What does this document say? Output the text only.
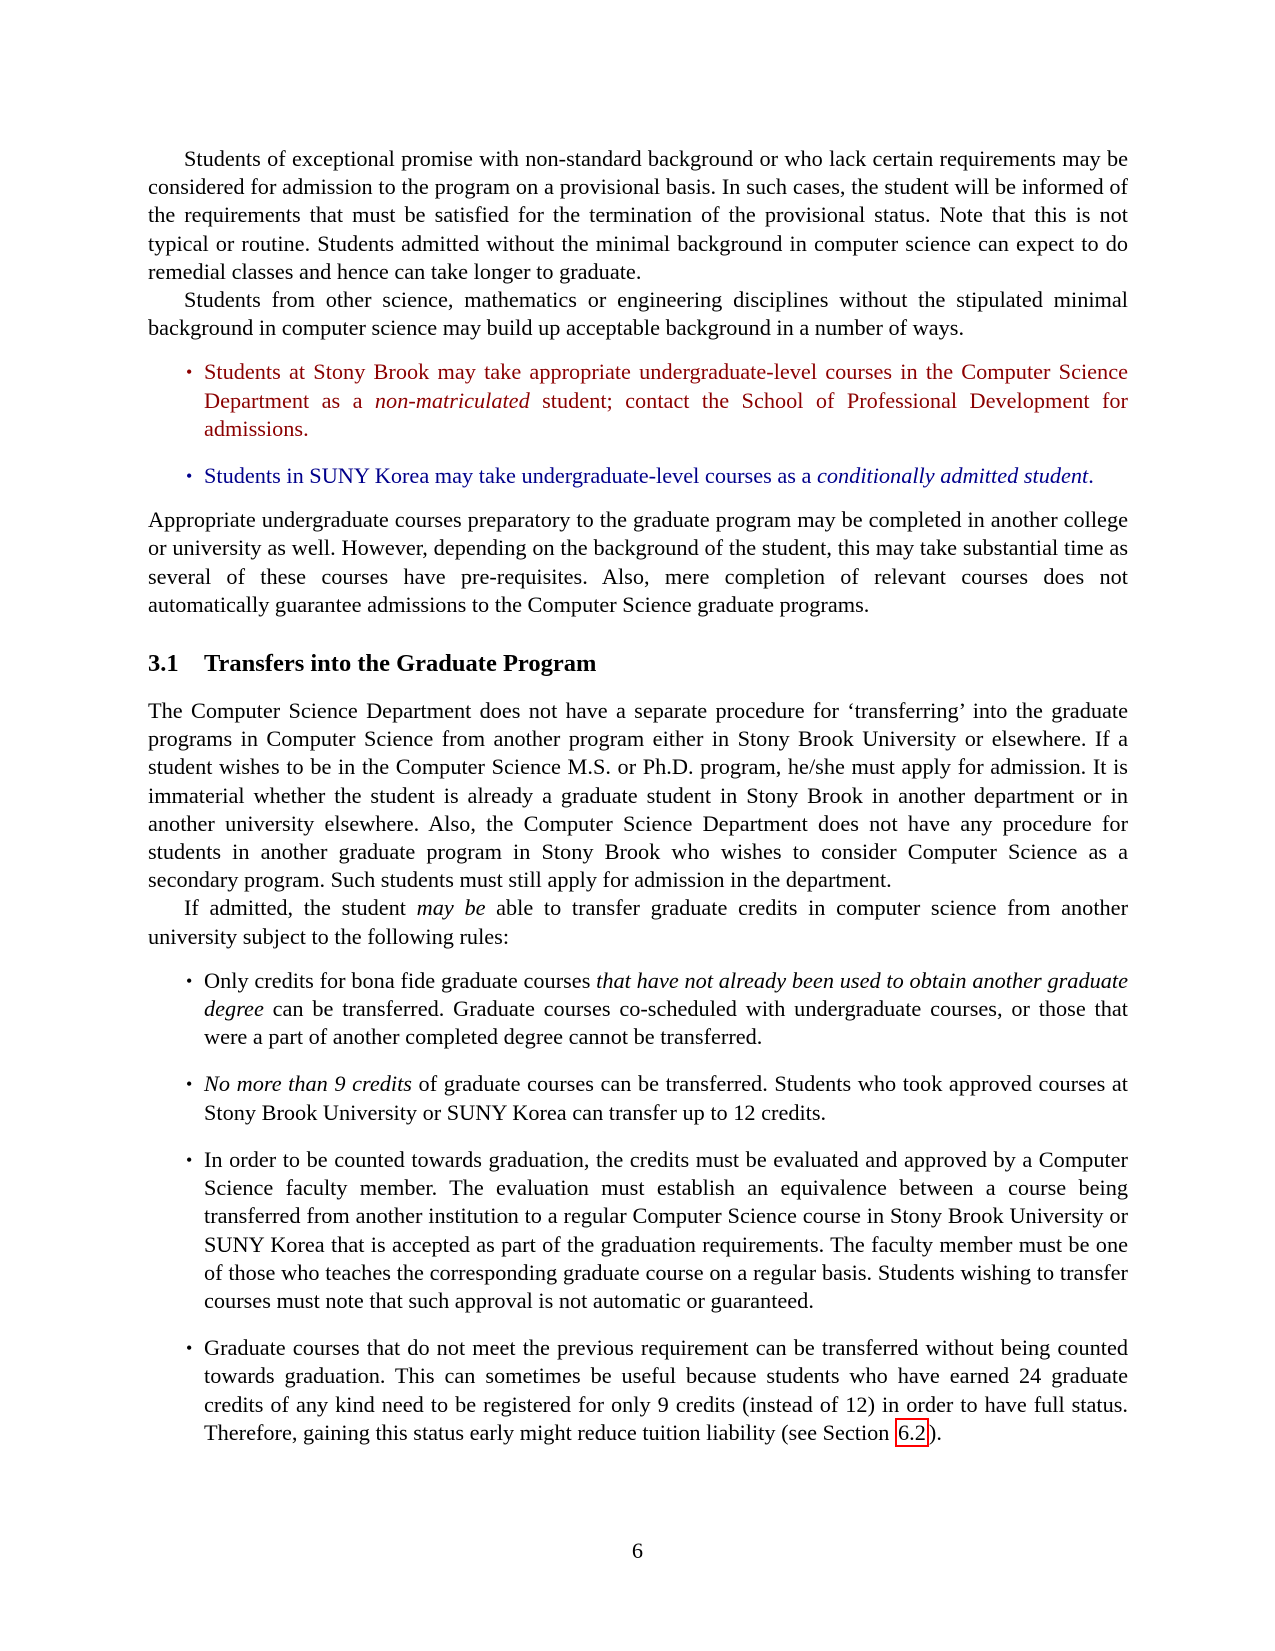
Students of exceptional promise with non-standard background or who lack certain requirements may be considered for admission to the program on a provisional basis. In such cases, the student will be informed of the requirements that must be satisfied for the termination of the provisional status. Note that this is not typical or routine. Students admitted without the minimal background in computer science can expect to do remedial classes and hence can take longer to graduate.

Students from other science, mathematics or engineering disciplines without the stipulated minimal background in computer science may build up acceptable background in a number of ways.

• Students at Stony Brook may take appropriate undergraduate-level courses in the Computer Science Department as a non-matriculated student; contact the School of Professional Development for admissions.
• Students in SUNY Korea may take undergraduate-level courses as a conditionally admitted student.

Appropriate undergraduate courses preparatory to the graduate program may be completed in another college or university as well. However, depending on the background of the student, this may take substantial time as several of these courses have pre-requisites. Also, mere completion of relevant courses does not automatically guarantee admissions to the Computer Science graduate programs.

3.1 Transfers into the Graduate Program

The Computer Science Department does not have a separate procedure for ‘transferring’ into the graduate programs in Computer Science from another program either in Stony Brook University or elsewhere. If a student wishes to be in the Computer Science M.S. or Ph.D. program, he/she must apply for admission. It is immaterial whether the student is already a graduate student in Stony Brook in another department or in another university elsewhere. Also, the Computer Science Department does not have any procedure for students in another graduate program in Stony Brook who wishes to consider Computer Science as a secondary program. Such students must still apply for admission in the department.

If admitted, the student may be able to transfer graduate credits in computer science from another university subject to the following rules:

• Only credits for bona fide graduate courses that have not already been used to obtain another graduate degree can be transferred. Graduate courses co-scheduled with undergraduate courses, or those that were a part of another completed degree cannot be transferred.
• No more than 9 credits of graduate courses can be transferred. Students who took approved courses at Stony Brook University or SUNY Korea can transfer up to 12 credits.
• In order to be counted towards graduation, the credits must be evaluated and approved by a Computer Science faculty member. The evaluation must establish an equivalence between a course being transferred from another institution to a regular Computer Science course in Stony Brook University or SUNY Korea that is accepted as part of the graduation requirements. The faculty member must be one of those who teaches the corresponding graduate course on a regular basis. Students wishing to transfer courses must note that such approval is not automatic or guaranteed.
• Graduate courses that do not meet the previous requirement can be transferred without being counted towards graduation. This can sometimes be useful because students who have earned 24 graduate credits of any kind need to be registered for only 9 credits (instead of 12) in order to have full status. Therefore, gaining this status early might reduce tuition liability (see Section 6.2 ).
6
